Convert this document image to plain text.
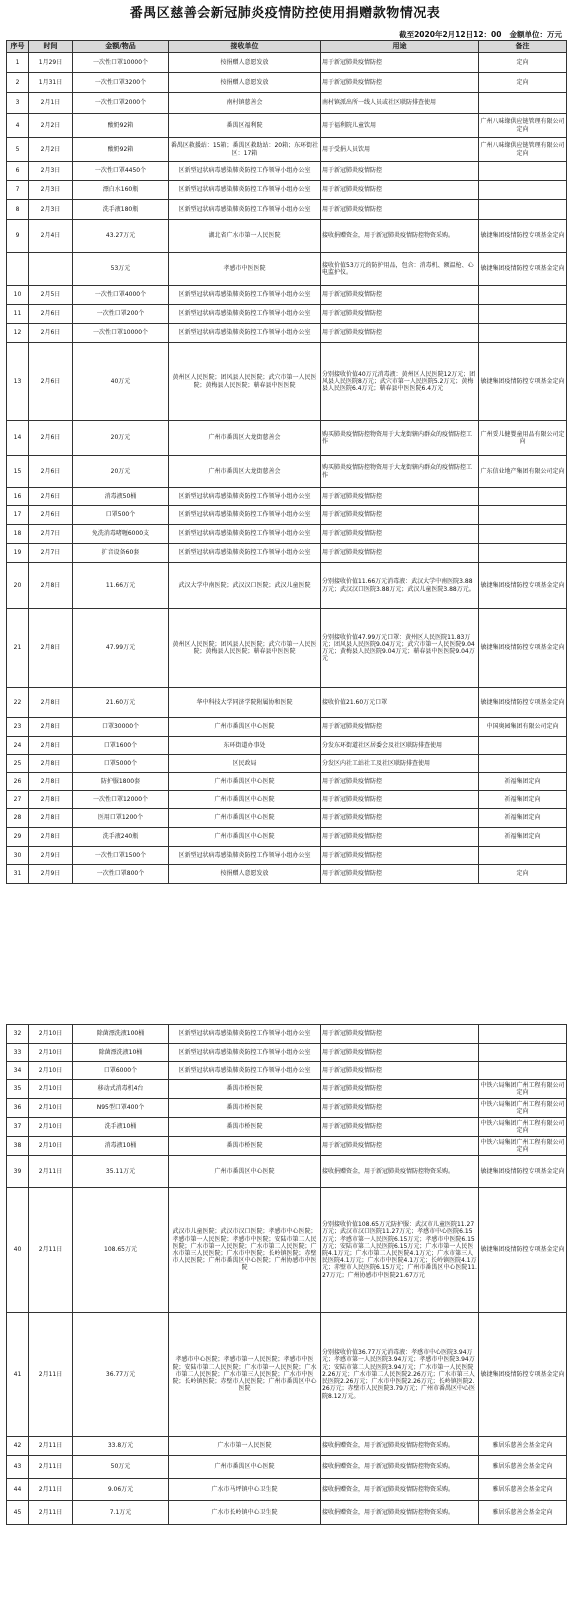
番禺区慈善会新冠肺炎疫情防控使用捐赠款物情况表
截至2020年2月12日12：00 金额单位：万元
序号	时间	金额/物品	接收单位	用途	备注
1	1月29日	一次性口罩10000个	按捐赠人意愿发放	用于新冠肺炎疫情防控	定向
2	1月31日	一次性口罩3200个	按捐赠人意愿发放	用于新冠肺炎疫情防控	定向
3	2月1日	一次性口罩2000个	南村镇慈善会	南村镇派出所一线人员或社区联防排查使用	
4	2月2日	酸奶92箱	番禺区福利院	用于福利院儿童饮用	广州八味缘供应链管理有限公司定向
5	2月2日	酸奶92箱	番禺区救援站：15箱；番禺区救助站：20箱；东环街社区：17箱	用于受捐人员饮用	广州八味缘供应链管理有限公司定向
6	2月3日	一次性口罩4450个	区新型冠状病毒感染肺炎防控工作领导小组办公室	用于新冠肺炎疫情防控	
7	2月3日	漂白水160瓶	区新型冠状病毒感染肺炎防控工作领导小组办公室	用于新冠肺炎疫情防控	
8	2月3日	洗手液180瓶	区新型冠状病毒感染肺炎防控工作领导小组办公室	用于新冠肺炎疫情防控	
9	2月4日	43.27万元	湖北省广水市第一人民医院	接收捐赠资金，用于新冠肺炎疫情防控物资采购。	敏捷集团疫情防控专项基金定向
		53万元	孝感市中医医院	接收价值53万元的防护用品，包含：消毒机、额温枪、心电监护仪。	敏捷集团疫情防控专项基金定向
10	2月5日	一次性口罩4000个	区新型冠状病毒感染肺炎防控工作领导小组办公室	用于新冠肺炎疫情防控	
11	2月6日	一次性口罩200个	区新型冠状病毒感染肺炎防控工作领导小组办公室	用于新冠肺炎疫情防控	
12	2月6日	一次性口罩10000个	区新型冠状病毒感染肺炎防控工作领导小组办公室	用于新冠肺炎疫情防控	
13	2月6日	40万元	黄州区人民医院；团风县人民医院；武穴市第一人民医院；黄梅县人民医院；蕲春县中医医院	分别接收价值40万元消毒液：黄州区人民医院12万元；团风县人民医院8万元；武穴市第一人民医院5.2万元；黄梅县人民医院6.4万元；蕲春县中医医院6.4万元	敏捷集团疫情防控专项基金定向
14	2月6日	20万元	广州市番禺区大龙街慈善会	购买肺炎疫情防控物资用于大龙街辖内群众的疫情防控工作	广州妥儿健婴童用品有限公司定向
15	2月6日	20万元	广州市番禺区大龙街慈善会	购买肺炎疫情防控物资用于大龙街辖内群众的疫情防控工作	广东信业地产集团有限公司定向
16	2月6日	消毒液50桶	区新型冠状病毒感染肺炎防控工作领导小组办公室	用于新冠肺炎疫情防控	
17	2月6日	口罩500个	区新型冠状病毒感染肺炎防控工作领导小组办公室	用于新冠肺炎疫情防控	
18	2月7日	免洗消毒啫喱6000支	区新型冠状病毒感染肺炎防控工作领导小组办公室	用于新冠肺炎疫情防控	
19	2月7日	扩音设备60套	区新型冠状病毒感染肺炎防控工作领导小组办公室	用于新冠肺炎疫情防控	
20	2月8日	11.66万元	武汉大学中南医院；武汉汉口医院；武汉儿童医院	分别接收价值11.66万元消毒液：武汉大学中南医院3.88万元；武汉汉口医院3.88万元；武汉儿童医院3.88万元。	敏捷集团疫情防控专项基金定向
21	2月8日	47.99万元	黄州区人民医院；团风县人民医院；武穴市第一人民医院；黄梅县人民医院；蕲春县中医医院	分别接收价值47.99万元口罩：黄州区人民医院11.83万元；团风县人民医院9.04万元；武穴市第一人民医院9.04万元；黄梅县人民医院9.04万元；蕲春县中医医院9.04万元	敏捷集团疫情防控专项基金定向
22	2月8日	21.60万元	华中科技大学同济学院附属协和医院	接收价值21.60万元口罩	敏捷集团疫情防控专项基金定向
23	2月8日	口罩30000个	广州市番禺区中心医院	用于新冠肺炎疫情防控	中国奥园集团有限公司定向
24	2月8日	口罩1600个	东环街道办事处	分发东环街道社区居委会及社区联防排查使用	
25	2月8日	口罩5000个	区民政局	分发区内社工站社工及社区联防排查使用	
26	2月8日	防护服1800套	广州市番禺区中心医院	用于新冠肺炎疫情防控	祈福集团定向
27	2月8日	一次性口罩12000个	广州市番禺区中心医院	用于新冠肺炎疫情防控	祈福集团定向
28	2月8日	医用口罩1200个	广州市番禺区中心医院	用于新冠肺炎疫情防控	祈福集团定向
29	2月8日	洗手液240瓶	广州市番禺区中心医院	用于新冠肺炎疫情防控	祈福集团定向
30	2月9日	一次性口罩1500个	区新型冠状病毒感染肺炎防控工作领导小组办公室	用于新冠肺炎疫情防控	
31	2月9日	一次性口罩800个	按捐赠人意愿发放	用于新冠肺炎疫情防控	定向
32	2月10日	除菌漂洗液100桶	区新型冠状病毒感染肺炎防控工作领导小组办公室	用于新冠肺炎疫情防控	
33	2月10日	除菌漂洗液10桶	区新型冠状病毒感染肺炎防控工作领导小组办公室	用于新冠肺炎疫情防控	
34	2月10日	口罩6000个	区新型冠状病毒感染肺炎防控工作领导小组办公室	用于新冠肺炎疫情防控	
35	2月10日	移动式消毒机4台	番禺市桥医院	用于新冠肺炎疫情防控	中铁六局集团广州工程有限公司定向
36	2月10日	N95型口罩400个	番禺市桥医院	用于新冠肺炎疫情防控	中铁六局集团广州工程有限公司定向
37	2月10日	洗手液10桶	番禺市桥医院	用于新冠肺炎疫情防控	中铁六局集团广州工程有限公司定向
38	2月10日	消毒液10桶	番禺市桥医院	用于新冠肺炎疫情防控	中铁六局集团广州工程有限公司定向
39	2月11日	35.11万元	广州市番禺区中心医院	接收捐赠资金，用于新冠肺炎疫情防控物资采购。	敏捷集团疫情防控专项基金定向
40	2月11日	108.65万元	武汉市儿童医院；武汉市汉口医院；孝感市中心医院；孝感市第一人民医院；孝感市中医院；安陆市第二人民医院；广水市第一人民医院；广水市第二人民医院；广水市第三人民医院；广水市中医院；长岭镇医院；赤壁市人民医院；广州市番禺区中心医院；广州协感市中医院	分别接收价值108.65万元防护服：武汉市儿童医院11.27万元；武汉市汉口医院11.27万元；孝感市中心医院6.15万元；孝感市第一人民医院6.15万元；孝感市中医院6.15万元；安陆市第二人民医院6.15万元；广水市第一人民医院4.1万元；广水市第二人民医院4.1万元；广水市第三人民医院4.1万元；广水市中医院4.1万元；长岭镇医院4.1万元；赤壁市人民医院6.15万元；广州市番禺区中心医院11.27万元；广州协感市中医院21.67万元	敏捷集团疫情防控专项基金定向
41	2月11日	36.77万元	孝感市中心医院；孝感市第一人民医院；孝感市中医院；安陆市第二人民医院；广水市第一人民医院；广水市第二人民医院；广水市第三人民医院；广水市中医院；长岭镇医院；赤壁市人民医院；广州市番禺区中心医院	分别接收价值36.77万元消毒液：孝感市中心医院3.94万元；孝感市第一人民医院3.94万元；孝感市中医院3.94万元；安陆市第二人民医院3.94万元；广水市第一人民医院2.26万元；广水市第二人民医院2.26万元；广水市第三人民医院2.26万元；广水市中医院2.26万元；长岭镇医院2.26万元；赤壁市人民医院3.79万元；广州市番禺区中心医院8.12万元。	敏捷集团疫情防控专项基金定向
42	2月11日	33.8万元	广水市第一人民医院	接收捐赠资金，用于新冠肺炎疫情防控物资采购。	雅居乐慈善会基金定向
43	2月11日	50万元	广州市番禺区中心医院	接收捐赠资金，用于新冠肺炎疫情防控物资采购。	雅居乐慈善会基金定向
44	2月11日	9.06万元	广水市马坪镇中心卫生院	接收捐赠资金，用于新冠肺炎疫情防控物资采购。	雅居乐慈善会基金定向
45	2月11日	7.1万元	广水市长岭镇中心卫生院	接收捐赠资金，用于新冠肺炎疫情防控物资采购。	雅居乐慈善会基金定向
